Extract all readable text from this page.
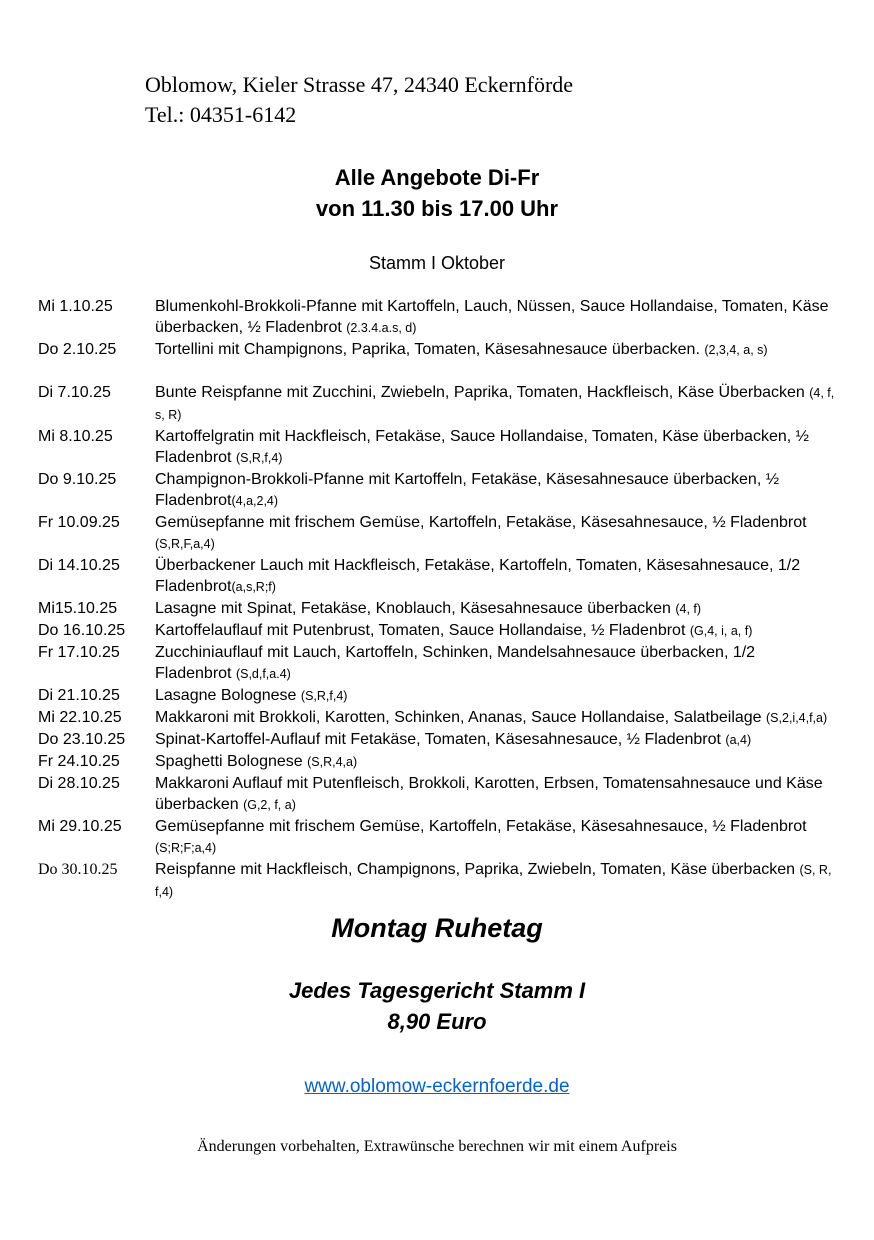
Oblomow, Kieler Strasse 47, 24340 Eckernförde
Tel.: 04351-6142
Alle Angebote Di-Fr
von 11.30 bis 17.00 Uhr
Stamm I Oktober
Mi 1.10.25	Blumenkohl-Brokkoli-Pfanne mit Kartoffeln, Lauch, Nüssen, Sauce Hollandaise, Tomaten, Käse überbacken, ½ Fladenbrot (2.3.4.a.s, d)
Do 2.10.25	Tortellini mit Champignons, Paprika, Tomaten, Käsesahnesauce überbacken. (2,3,4, a, s)
Di 7.10.25	Bunte Reispfanne mit Zucchini, Zwiebeln, Paprika, Tomaten, Hackfleisch, Käse Überbacken (4, f, s, R)
Mi 8.10.25	Kartoffelgratin mit Hackfleisch, Fetakäse, Sauce Hollandaise, Tomaten, Käse überbacken, ½ Fladenbrot (S,R,f,4)
Do 9.10.25	Champignon-Brokkoli-Pfanne mit Kartoffeln, Fetakäse, Käsesahnesauce überbacken, ½ Fladenbrot(4,a,2,4)
Fr 10.09.25	Gemüsepfanne mit frischem Gemüse, Kartoffeln, Fetakäse, Käsesahnesauce, ½ Fladenbrot (S,R,F,a,4)
Di 14.10.25	Überbackener Lauch mit Hackfleisch, Fetakäse, Kartoffeln, Tomaten, Käsesahnesauce, 1/2 Fladenbrot(a,s,R;f)
Mi15.10.25	Lasagne mit Spinat, Fetakäse, Knoblauch, Käsesahnesauce überbacken (4, f)
Do 16.10.25	Kartoffelauflauf mit Putenbrust, Tomaten, Sauce Hollandaise, ½ Fladenbrot (G,4, i, a, f)
Fr 17.10.25	Zucchiniauflauf mit Lauch, Kartoffeln, Schinken, Mandelsahnesauce überbacken, 1/2 Fladenbrot (S,d,f,a.4)
Di 21.10.25	Lasagne Bolognese (S,R,f,4)
Mi 22.10.25	Makkaroni mit Brokkoli, Karotten, Schinken, Ananas, Sauce Hollandaise, Salatbeilage (S,2,i,4,f,a)
Do 23.10.25	Spinat-Kartoffel-Auflauf mit Fetakäse, Tomaten, Käsesahnesauce, ½ Fladenbrot (a,4)
Fr 24.10.25	Spaghetti Bolognese (S,R,4,a)
Di 28.10.25	Makkaroni Auflauf mit Putenfleisch, Brokkoli, Karotten, Erbsen, Tomatensahnesauce und Käse überbacken (G,2, f, a)
Mi 29.10.25	Gemüsepfanne mit frischem Gemüse, Kartoffeln, Fetakäse, Käsesahnesauce, ½ Fladenbrot (S;R;F;a,4)
Do 30.10.25	Reispfanne mit Hackfleisch, Champignons, Paprika, Zwiebeln, Tomaten, Käse überbacken (S, R, f,4)
Montag Ruhetag
Jedes Tagesgericht Stamm I
8,90 Euro
www.oblomow-eckernfoerde.de
Änderungen vorbehalten, Extrawünsche berechnen wir mit einem Aufpreis
